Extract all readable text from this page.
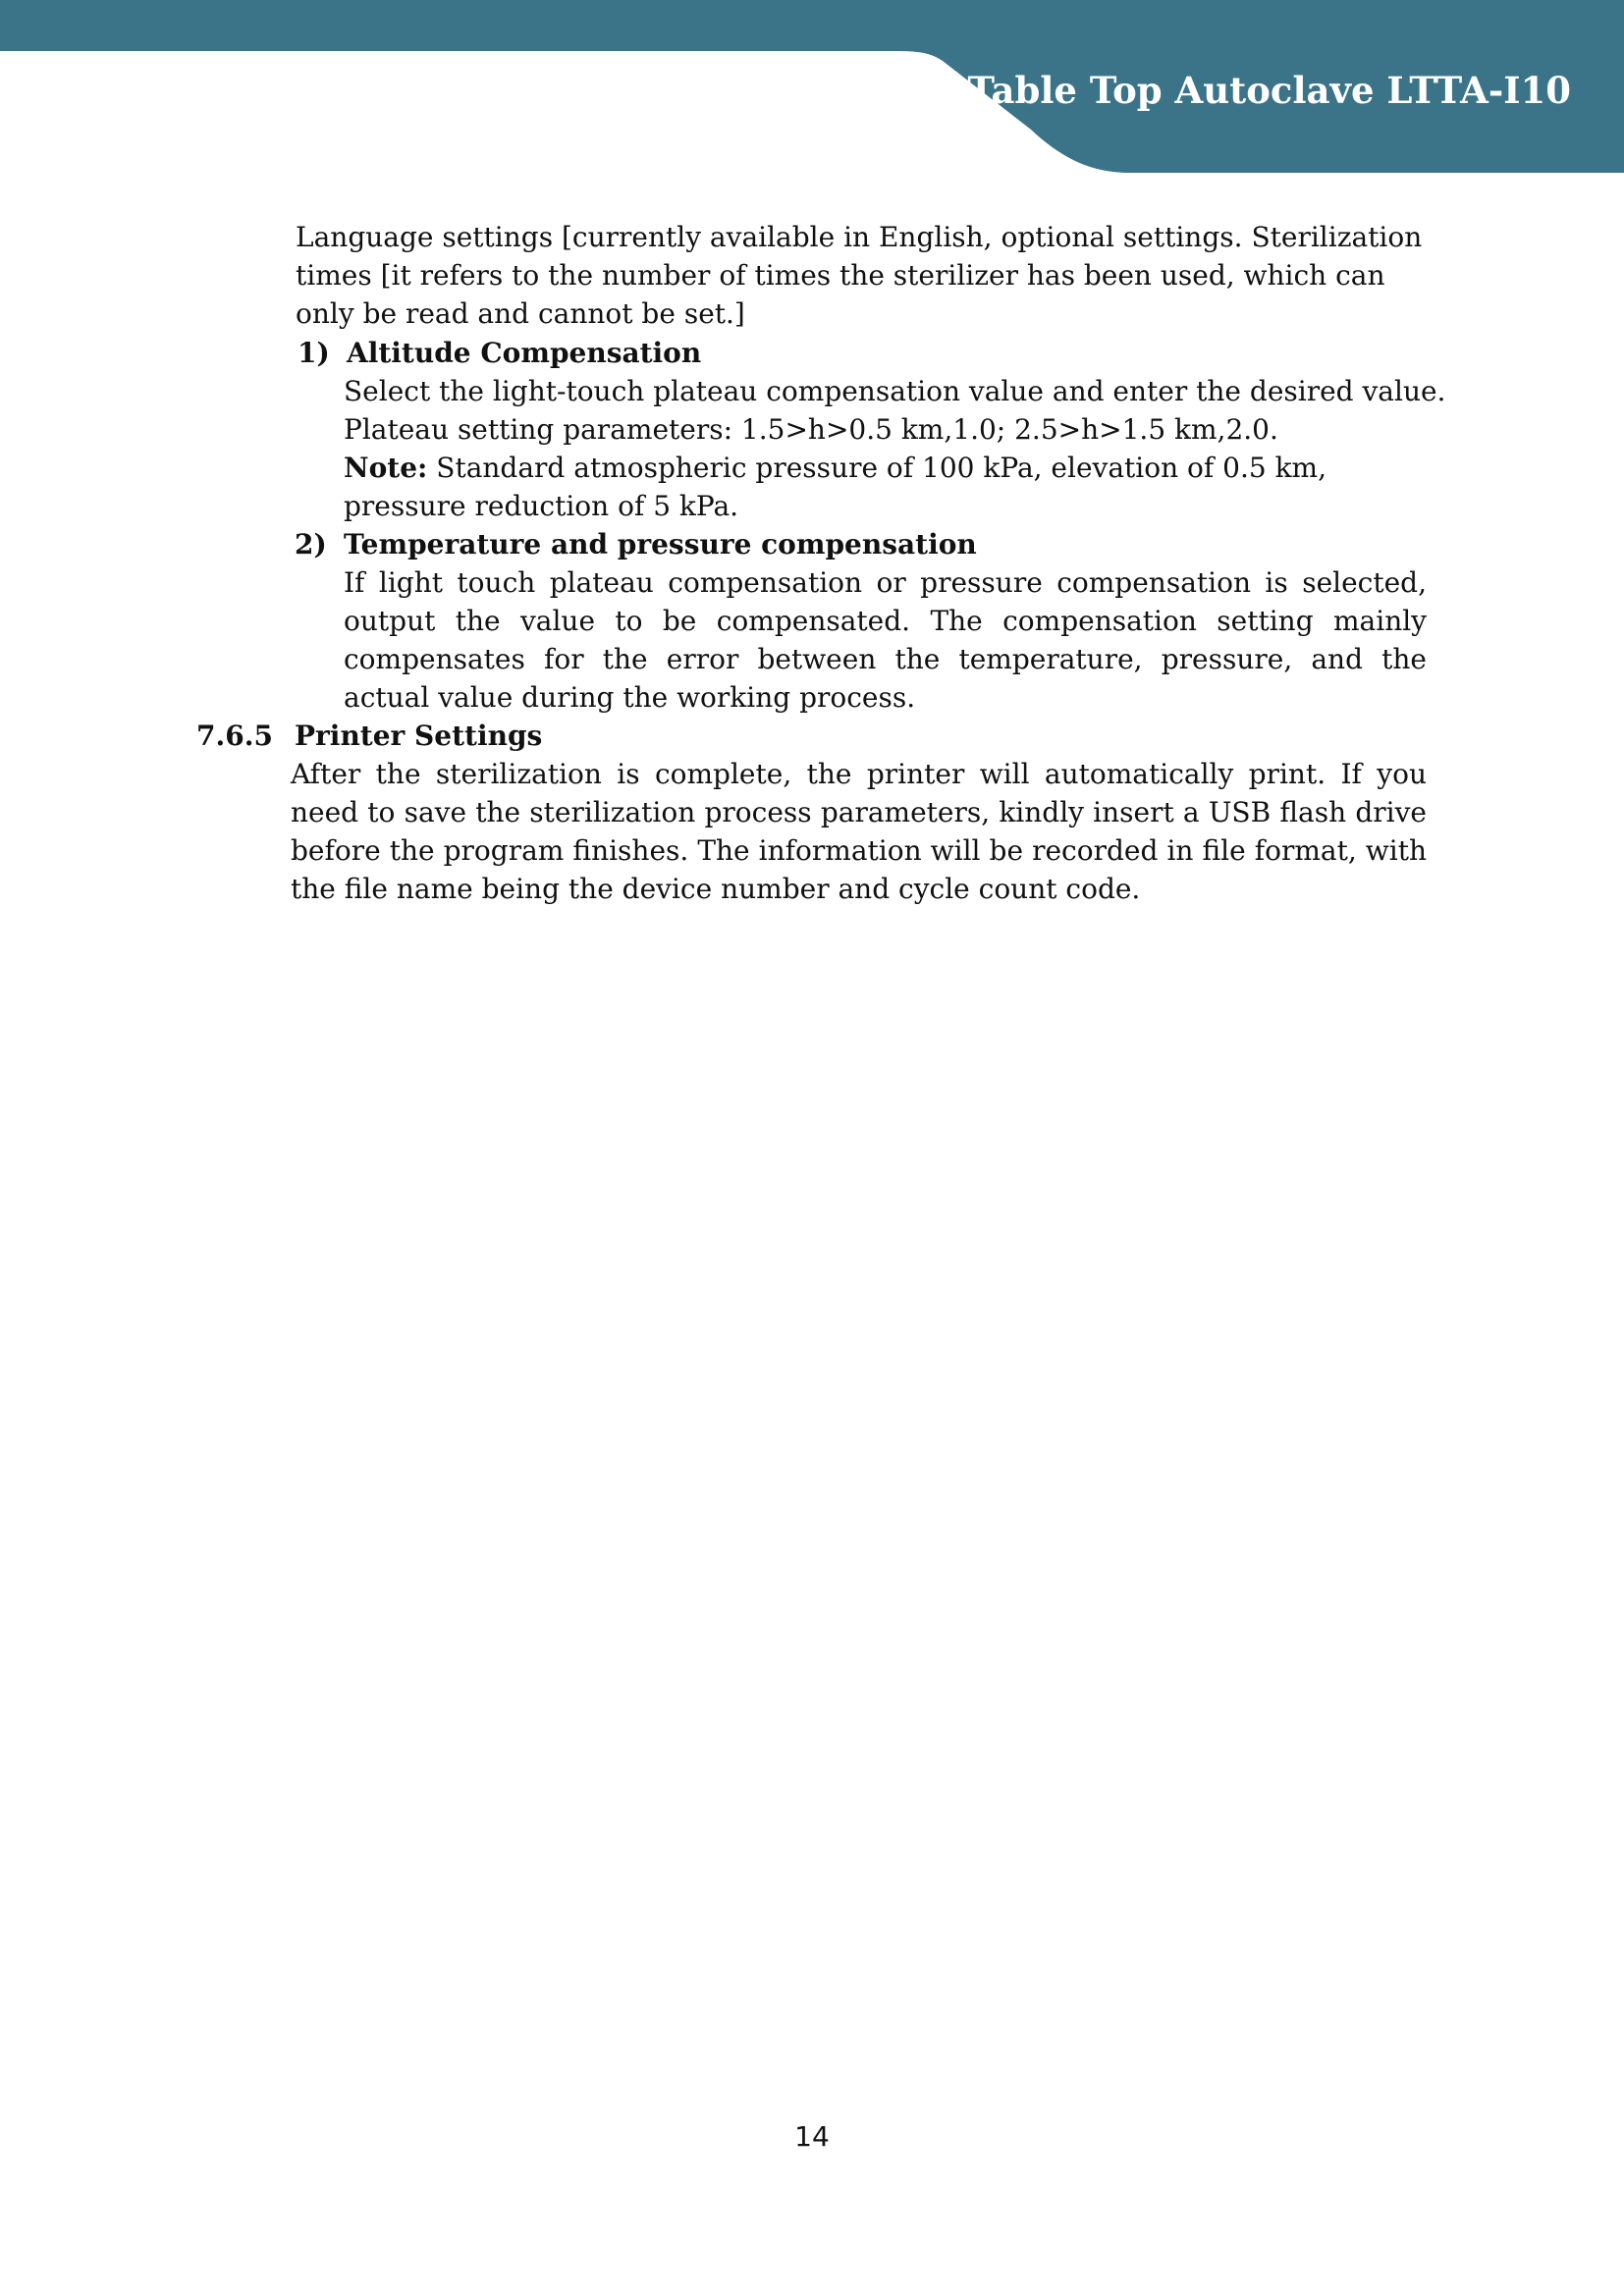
Table Top Autoclave LTTA-I10

Language settings [currently available in English, optional settings. Sterilization times [it refers to the number of times the sterilizer has been used, which can only be read and cannot be set.]

1) Altitude Compensation

Select the light-touch plateau compensation value and enter the desired value.

Plateau setting parameters: 1.5>h>0.5 km,1.0; 2.5>h>1.5 km,2.0.

Note: Standard atmospheric pressure of 100 kPa, elevation of 0.5 km, pressure reduction of 5 kPa.

2) Temperature and pressure compensation

If light touch plateau compensation or pressure compensation is selected, output the value to be compensated. The compensation setting mainly compensates for the error between the temperature, pressure, and the actual value during the working process.

7.6.5 Printer Settings

After the sterilization is complete, the printer will automatically print. If you need to save the sterilization process parameters, kindly insert a USB flash drive before the program finishes. The information will be recorded in file format, with the file name being the device number and cycle count code.

14
